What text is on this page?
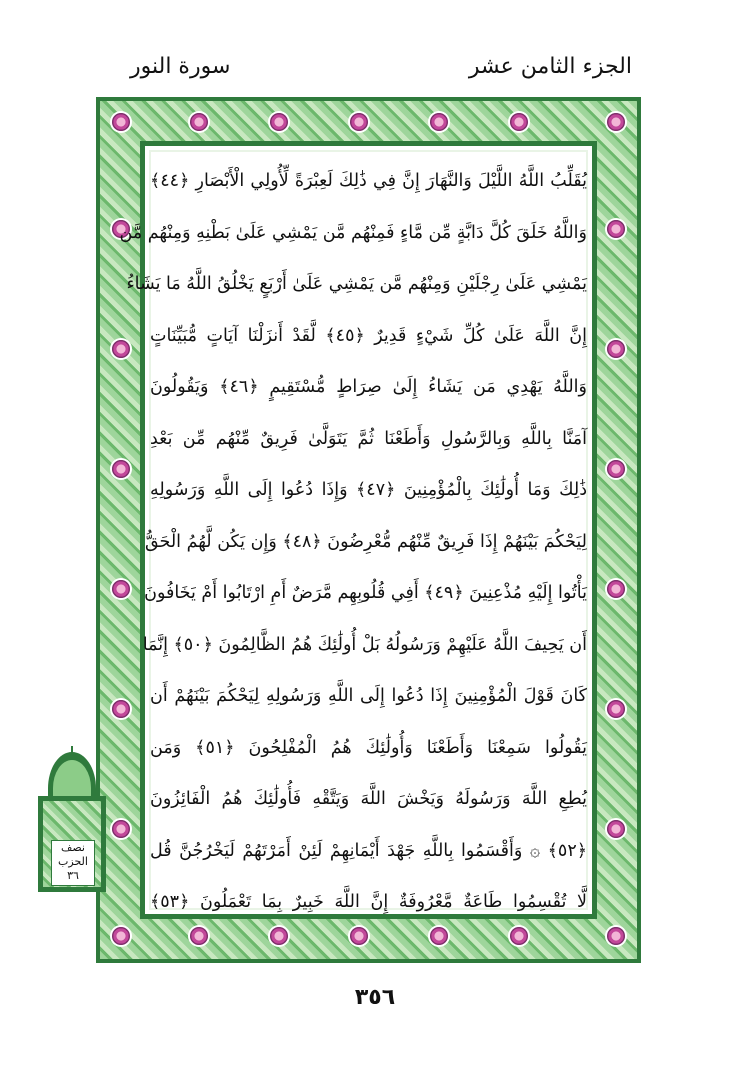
الجزء الثامن عشر
سورة النور
يُقَلِّبُ اللَّهُ اللَّيْلَ وَالنَّهَارَ إِنَّ فِي ذَٰلِكَ لَعِبْرَةً لِّأُولِي الْأَبْصَارِ ﴿٤٤﴾
وَاللَّهُ خَلَقَ كُلَّ دَابَّةٍ مِّن مَّاءٍ فَمِنْهُم مَّن يَمْشِي عَلَىٰ بَطْنِهِ وَمِنْهُم مَّن
يَمْشِي عَلَىٰ رِجْلَيْنِ وَمِنْهُم مَّن يَمْشِي عَلَىٰ أَرْبَعٍ يَخْلُقُ اللَّهُ مَا يَشَاءُ
إِنَّ اللَّهَ عَلَىٰ كُلِّ شَيْءٍ قَدِيرٌ ﴿٤٥﴾ لَّقَدْ أَنزَلْنَا آيَاتٍ مُّبَيِّنَاتٍ
وَاللَّهُ يَهْدِي مَن يَشَاءُ إِلَىٰ صِرَاطٍ مُّسْتَقِيمٍ ﴿٤٦﴾ وَيَقُولُونَ
آمَنَّا بِاللَّهِ وَبِالرَّسُولِ وَأَطَعْنَا ثُمَّ يَتَوَلَّىٰ فَرِيقٌ مِّنْهُم مِّن بَعْدِ
ذَٰلِكَ وَمَا أُولَٰئِكَ بِالْمُؤْمِنِينَ ﴿٤٧﴾ وَإِذَا دُعُوا إِلَى اللَّهِ وَرَسُولِهِ
لِيَحْكُمَ بَيْنَهُمْ إِذَا فَرِيقٌ مِّنْهُم مُّعْرِضُونَ ﴿٤٨﴾ وَإِن يَكُن لَّهُمُ الْحَقُّ
يَأْتُوا إِلَيْهِ مُذْعِنِينَ ﴿٤٩﴾ أَفِي قُلُوبِهِم مَّرَضٌ أَمِ ارْتَابُوا أَمْ يَخَافُونَ
أَن يَحِيفَ اللَّهُ عَلَيْهِمْ وَرَسُولُهُ بَلْ أُولَٰئِكَ هُمُ الظَّالِمُونَ ﴿٥٠﴾ إِنَّمَا
كَانَ قَوْلَ الْمُؤْمِنِينَ إِذَا دُعُوا إِلَى اللَّهِ وَرَسُولِهِ لِيَحْكُمَ بَيْنَهُمْ أَن
يَقُولُوا سَمِعْنَا وَأَطَعْنَا وَأُولَٰئِكَ هُمُ الْمُفْلِحُونَ ﴿٥١﴾ وَمَن
يُطِعِ اللَّهَ وَرَسُولَهُ وَيَخْشَ اللَّهَ وَيَتَّقْهِ فَأُولَٰئِكَ هُمُ الْفَائِزُونَ
﴿٥٢﴾ ۞ وَأَقْسَمُوا بِاللَّهِ جَهْدَ أَيْمَانِهِمْ لَئِنْ أَمَرْتَهُمْ لَيَخْرُجُنَّ قُل
لَّا تُقْسِمُوا طَاعَةٌ مَّعْرُوفَةٌ إِنَّ اللَّهَ خَبِيرٌ بِمَا تَعْمَلُونَ ﴿٥٣﴾
نصف
الحزب
٣٦
٣٥٦
